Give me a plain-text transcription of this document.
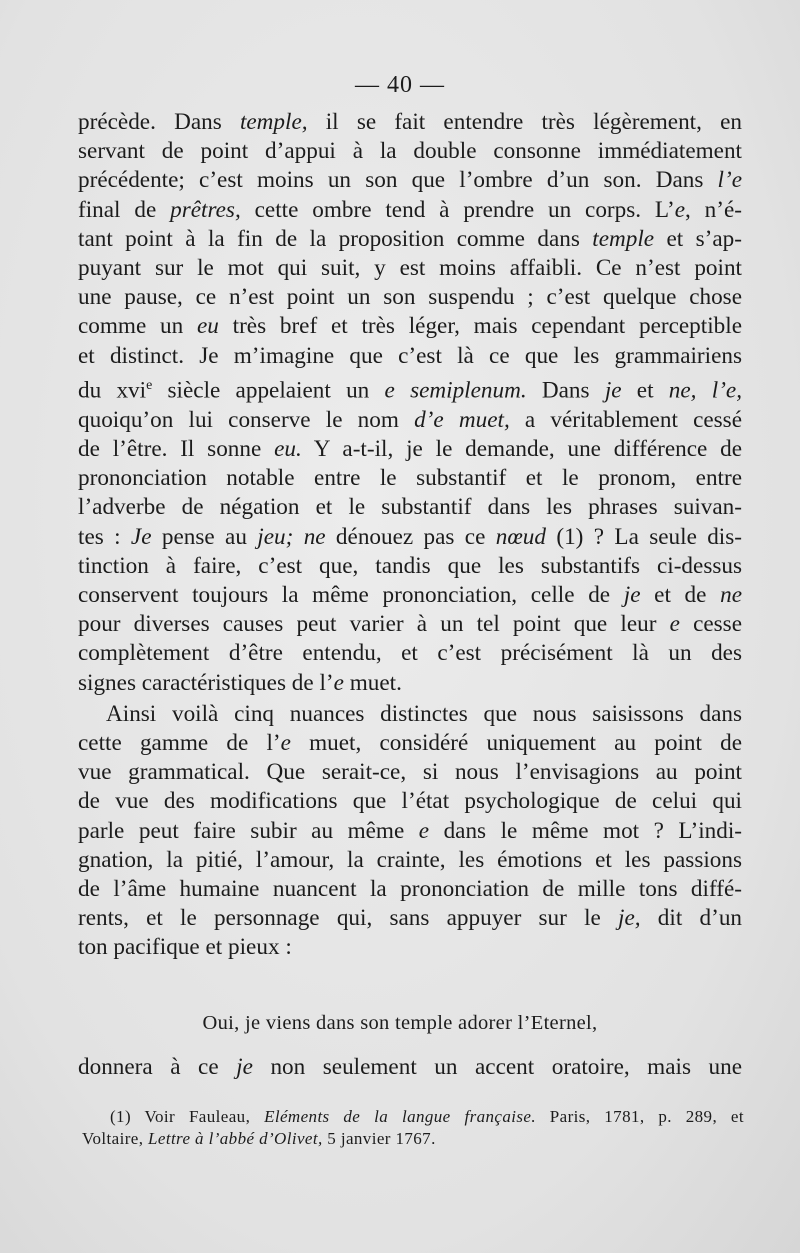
— 40 —
précède. Dans temple, il se fait entendre très légèrement, en
servant de point d’appui à la double consonne immédiatement
précédente; c’est moins un son que l’ombre d’un son. Dans l’e
final de prêtres, cette ombre tend à prendre un corps. L’e, n’é-
tant point à la fin de la proposition comme dans temple et s’ap-
puyant sur le mot qui suit, y est moins affaibli. Ce n’est point
une pause, ce n’est point un son suspendu ; c’est quelque chose
comme un eu très bref et très léger, mais cependant perceptible
et distinct. Je m’imagine que c’est là ce que les grammairiens
du xvi$^e$ siècle appelaient un e semiplenum. Dans je et ne, l’e,
quoiqu’on lui conserve le nom d’e muet, a véritablement cessé
de l’être. Il sonne eu. Y a-t-il, je le demande, une différence de
prononciation notable entre le substantif et le pronom, entre
l’adverbe de négation et le substantif dans les phrases suivan-
tes : Je pense au jeu; ne dénouez pas ce nœud (1) ? La seule dis-
tinction à faire, c’est que, tandis que les substantifs ci-dessus
conservent toujours la même prononciation, celle de je et de ne
pour diverses causes peut varier à un tel point que leur e cesse
complètement d’être entendu, et c’est précisément là un des
signes caractéristiques de l’e muet.
Ainsi voilà cinq nuances distinctes que nous saisissons dans
cette gamme de l’e muet, considéré uniquement au point de
vue grammatical. Que serait-ce, si nous l’envisagions au point
de vue des modifications que l’état psychologique de celui qui
parle peut faire subir au même e dans le même mot ? L’indi-
gnation, la pitié, l’amour, la crainte, les émotions et les passions
de l’âme humaine nuancent la prononciation de mille tons diffé-
rents, et le personnage qui, sans appuyer sur le je, dit d’un
ton pacifique et pieux :
Oui, je viens dans son temple adorer l’Eternel,
donnera à ce je non seulement un accent oratoire, mais une
(1) Voir Fauleau, Eléments de la langue française. Paris, 1781, p. 289, et
Voltaire, Lettre à l’abbé d’Olivet, 5 janvier 1767.
